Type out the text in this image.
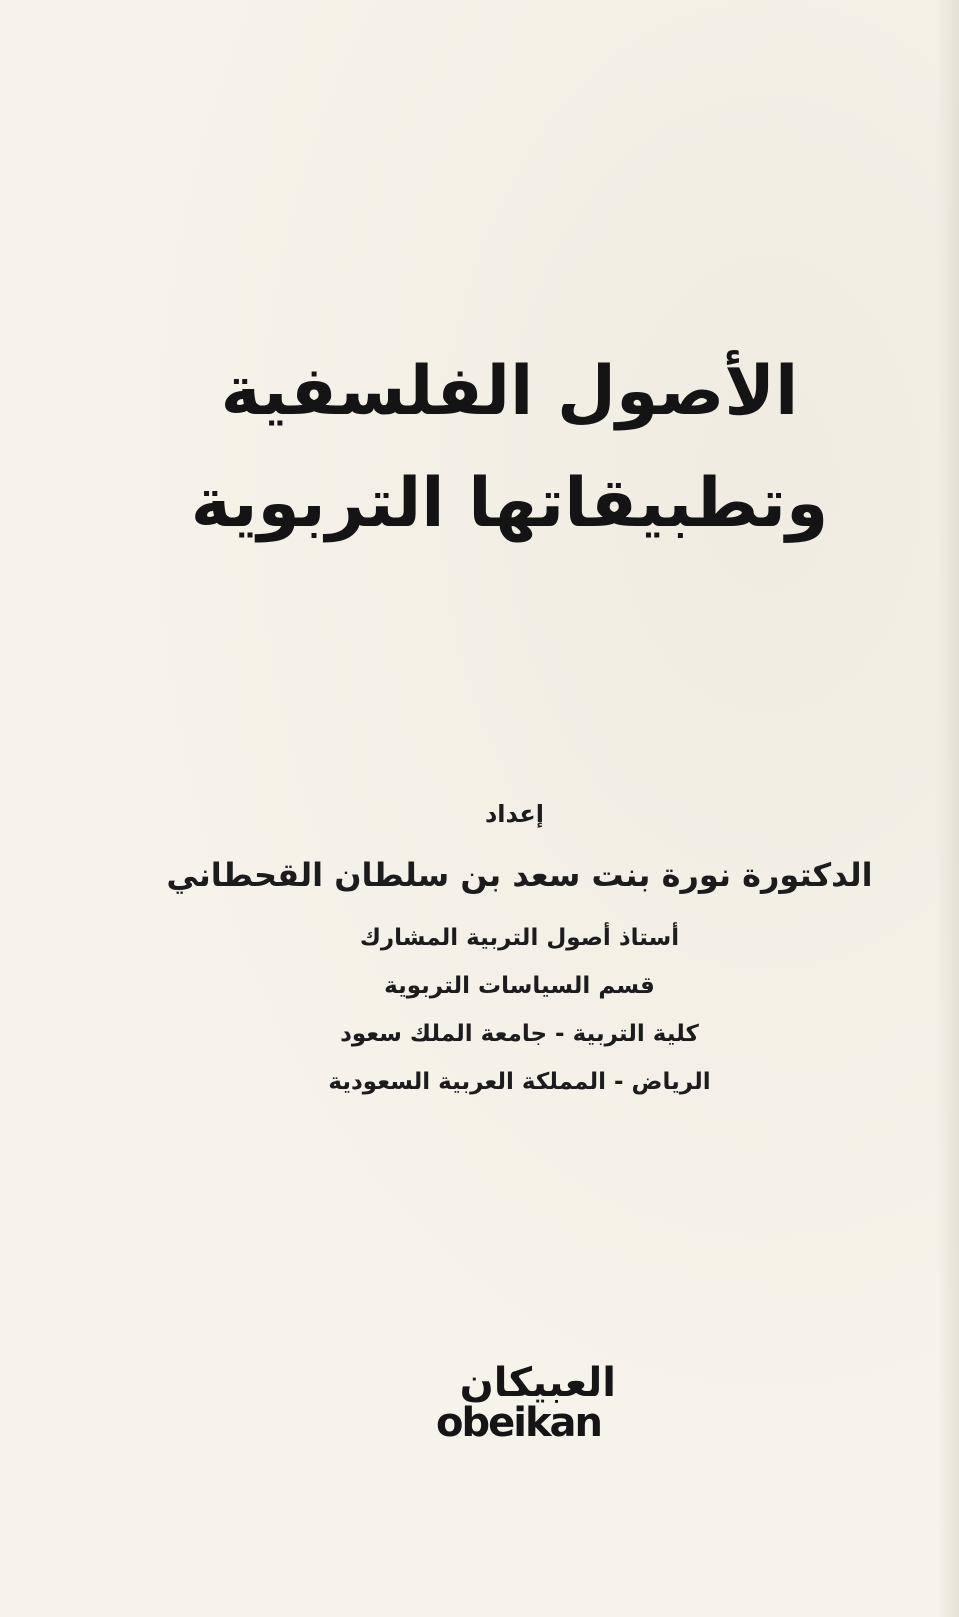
الأصول الفلسفية
وتطبيقاتها التربوية
إعداد
الدكتورة نورة بنت سعد بن سلطان القحطاني
أستاذ أصول التربية المشارك
قسم السياسات التربوية
كلية التربية - جامعة الملك سعود
الرياض - المملكة العربية السعودية
العبيكان
obeikan
